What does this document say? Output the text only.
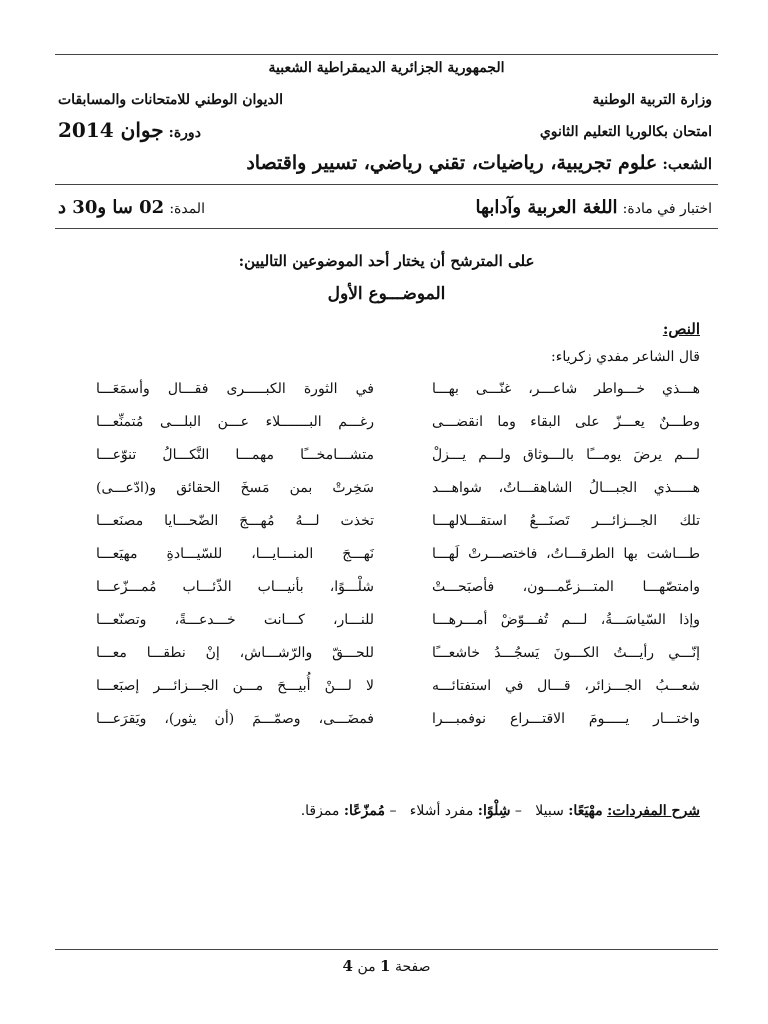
الجمهورية الجزائرية الديمقراطية الشعبية
وزارة التربية الوطنية
الديوان الوطني للامتحانات والمسابقات
امتحان بكالوريا التعليم الثانوي
دورة: جوان 2014
الشعب: علوم تجريبية، رياضيات، تقني رياضي، تسيير واقتصاد
اختبار في مادة: اللغة العربية وآدابها
المدة: 02 سا و30 د
على المترشح أن يختار أحد الموضوعين التاليين:
الموضـــوع الأول
النص:
قال الشاعر مفدي زكرياء:
هـــذي خـــواطر شاعـــر، غنّـــى بهـــا
في الثورة الكبـــــرى فقـــال وأسمَعَـــا
وطـــنٌ يعـــزّ على البقاء وما انقضـــى
رغـــم البـــــــلاء عـــن البلـــى مُتمنِّعـــا
لـــم يرضَ يومـــًا بالـــوثاق ولـــم يـــزلْ
متشـــامخـــًا مهمـــا النَّكـــالُ تنوّعـــا
هـــــذي الجبـــالُ الشاهقـــاتُ، شواهـــد
سَخِرتْ بمن مَسخَ الحقائق و(ادّعـــى)
تلك الجـــزائـــر تَصنَـــعُ استقـــلالهـــا
تخذت لـــهُ مُهـــجَ الضّحـــايا مصنَعـــا
طـــاشت بها الطرقـــاتُ، فاختصـــرتْ لَهـــا
نَهـــجَ المنـــايـــا، للسّيـــادةِ مهيَعـــا
وامتصّهـــا المتـــزعّمـــون، فأصبَحـــتْ
شلْـــوًا، بأنيـــاب الذّئـــاب مُمـــزّعـــا
وإذا السّياسَـــةُ، لـــم تُفـــوّضْ أمـــرهـــا
للنـــار، كـــانت خـــدعـــةً، وتصنّعـــا
إنّـــي رأيـــتُ الكـــونَ يَسجُـــدُ خاشعـــًا
للحـــقّ والرّشـــاش، إنْ نطقـــا معـــا
شعـــبُ الجـــزائر، قـــال في استفتائـــه
لا لـــنْ أُبيـــحَ مـــن الجـــزائـــر إصبَعـــا
واختـــار يـــــومَ الاقتـــراع نوفمبـــرا
فمضَـــى، وصمّـــمَ (أن يثور)، ويَقرَعـــا
شرح المفردات: مهْيَعًا: سبيلا   – شِلْوًا: مفرد أشلاء   – مُمزّعًا: ممزقا.
صفحة 1 من 4
